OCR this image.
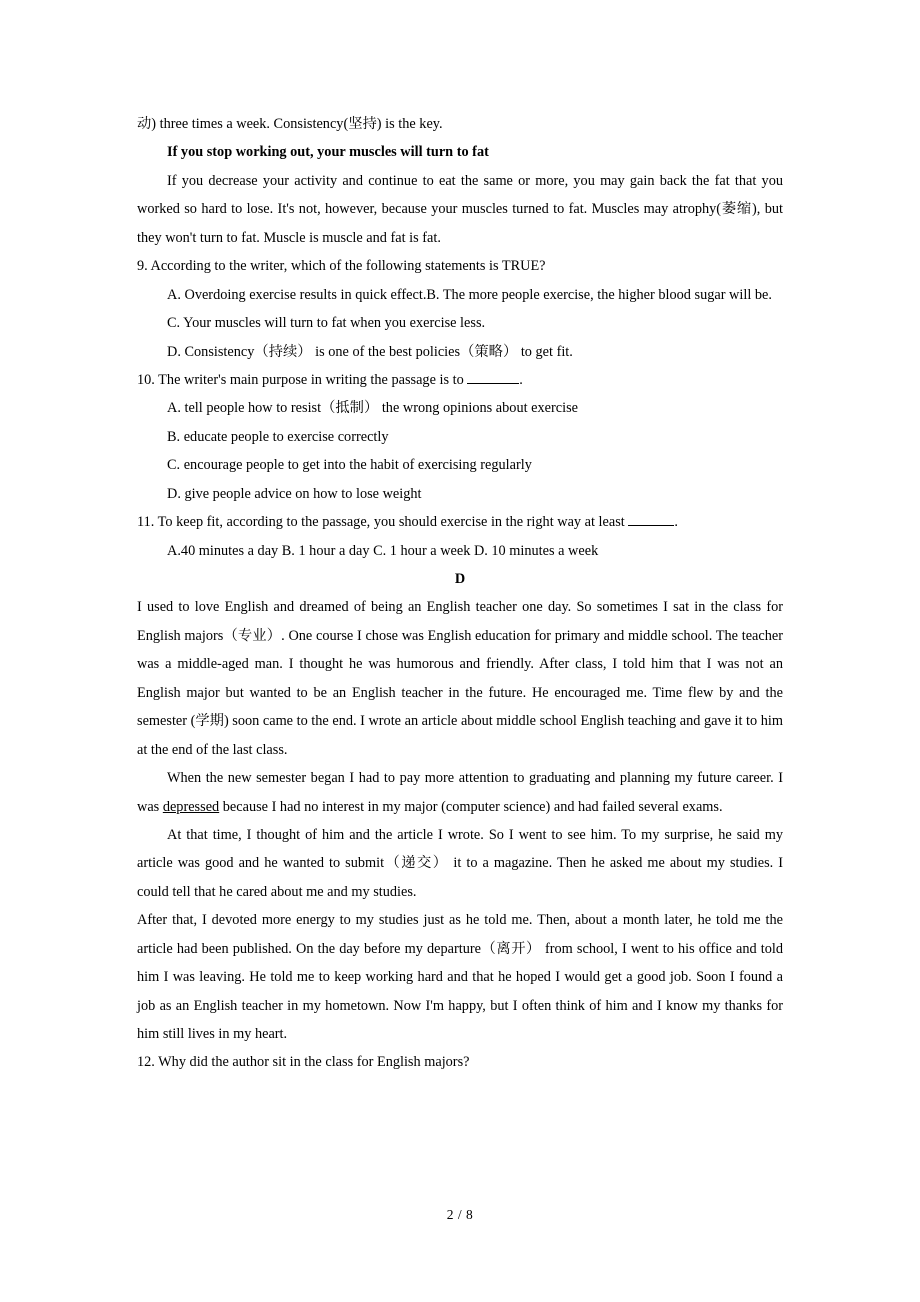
动) three times a week. Consistency(坚持) is the key.

If you stop working out, your muscles will turn to fat

If you decrease your activity and continue to eat the same or more, you may gain back the fat that you worked so hard to lose. It's not, however, because your muscles turned to fat. Muscles may atrophy(萎缩), but they won't turn to fat. Muscle is muscle and fat is fat.

9. According to the writer, which of the following statements is TRUE?

A. Overdoing exercise results in quick effect.B. The more people exercise, the higher blood sugar will be.

C. Your muscles will turn to fat when you exercise less.

D. Consistency（持续） is one of the best policies（策略） to get fit.

10. The writer's main purpose in writing the passage is to	.

A. tell people how to resist（抵制） the wrong opinions about exercise

B. educate people to exercise correctly

C. encourage people to get into the habit of exercising regularly

D. give people advice on how to lose weight

11. To keep fit, according to the passage, you should exercise in the right way at least	.

A.40 minutes a day B. 1 hour a day C. 1 hour a week D. 10 minutes a week

D

I used to love English and dreamed of being an English teacher one day. So sometimes I sat in the class for English majors（专业）. One course I chose was English education for primary and middle school. The teacher was a middle-aged man. I thought he was humorous and friendly. After class, I told him that I was not an English major but wanted to be an English teacher in the future. He encouraged me. Time flew by and the semester (学期) soon came to the end. I wrote an article about middle school English teaching and gave it to him at the end of the last class.

When the new semester began I had to pay more attention to graduating and planning my future career. I was depressed because I had no interest in my major (computer science) and had failed several exams.

At that time, I thought of him and the article I wrote. So I went to see him. To my surprise, he said my article was good and he wanted to submit（递交） it to a magazine. Then he asked me about my studies. I could tell that he cared about me and my studies.

After that, I devoted more energy to my studies just as he told me. Then, about a month later, he told me the article had been published. On the day before my departure（离开） from school, I went to his office and told him I was leaving. He told me to keep working hard and that he hoped I would get a good job. Soon I found a job as an English teacher in my hometown. Now I'm happy, but I often think of him and I know my thanks for him still lives in my heart.

12. Why did the author sit in the class for English majors?

2 / 8
